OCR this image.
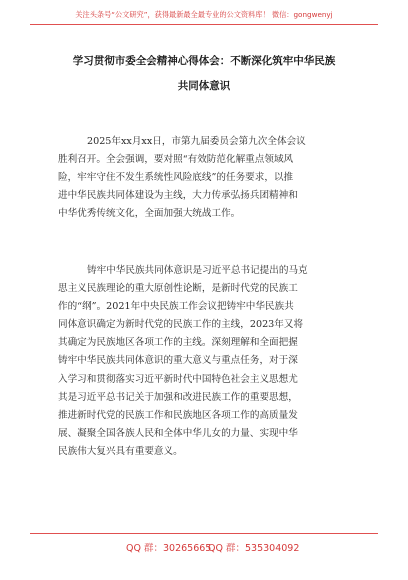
关注头条号“公文研究”，获得最新最全最专业的公文资料库！ 微信：gongwenyj
学习贯彻市委全会精神心得体会：不断深化筑牢中华民族
共同体意识
2025年xx月xx日，市第九届委员会第九次全体会议
胜利召开。全会强调，要对照“有效防范化解重点领域风
险，牢牢守住不发生系统性风险底线”的任务要求，以推
进中华民族共同体建设为主线，大力传承弘扬兵团精神和
中华优秀传统文化，全面加强大统战工作。
铸牢中华民族共同体意识是习近平总书记提出的马克
思主义民族理论的重大原创性论断，是新时代党的民族工
作的“纲”。2021年中央民族工作会议把铸牢中华民族共
同体意识确定为新时代党的民族工作的主线，2023年又将
其确定为民族地区各项工作的主线。深刻理解和全面把握
铸牢中华民族共同体意识的重大意义与重点任务，对于深
入学习和贯彻落实习近平新时代中国特色社会主义思想尤
其是习近平总书记关于加强和改进民族工作的重要思想，
推进新时代党的民族工作和民族地区各项工作的高质量发
展、凝聚全国各族人民和全体中华儿女的力量、实现中华
民族伟大复兴具有重要意义。
QQ 群：30265665
QQ 群：535304092
